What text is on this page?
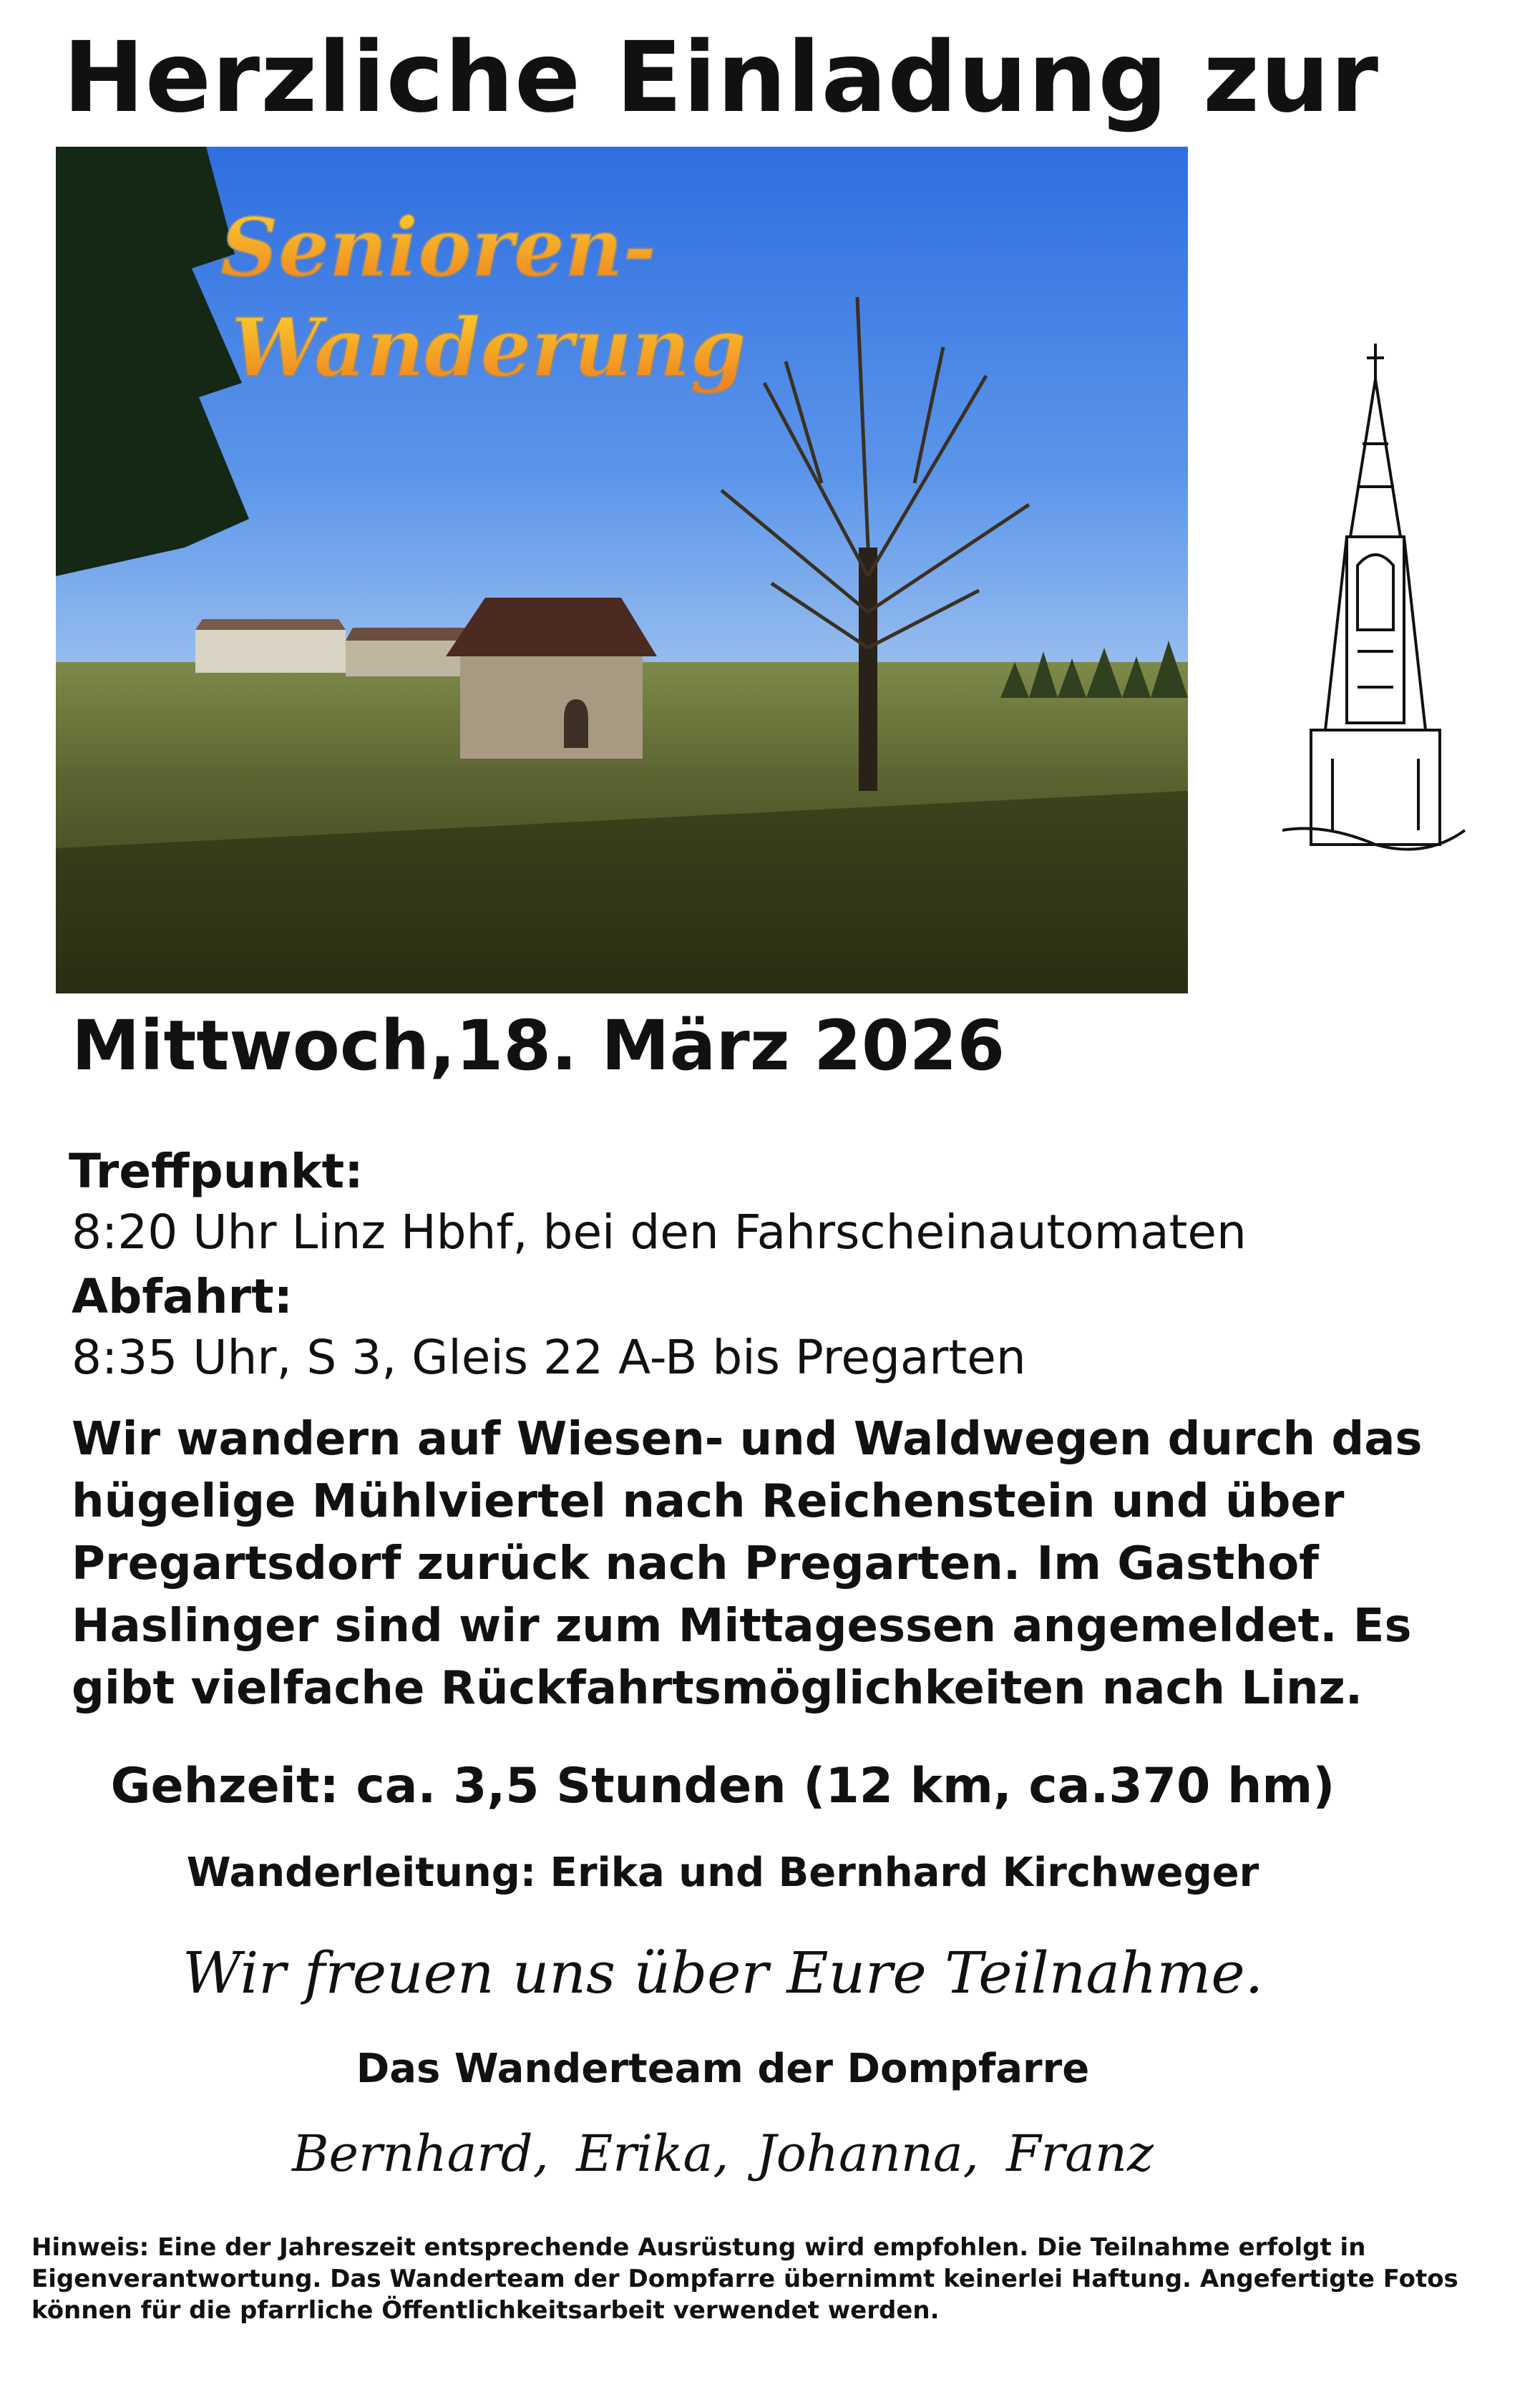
Herzliche Einladung zur
Senioren-
Wanderung

Mittwoch,18. März 2026

Treffpunkt:

8:20 Uhr Linz Hbhf, bei den Fahrscheinautomaten

Abfahrt:

8:35 Uhr, S 3, Gleis 22 A-B bis Pregarten

Wir wandern auf Wiesen- und Waldwegen durch das
hügelige Mühlviertel nach Reichenstein und über
Pregartsdorf zurück nach Pregarten. Im Gasthof
Haslinger sind wir zum Mittagessen angemeldet. Es
gibt vielfache Rückfahrtsmöglichkeiten nach Linz.

Gehzeit: ca. 3,5 Stunden (12 km, ca.370 hm)

Wanderleitung: Erika und Bernhard Kirchweger

Wir freuen uns über Eure Teilnahme.

Das Wanderteam der Dompfarre

Bernhard, Erika, Johanna, Franz

Hinweis: Eine der Jahreszeit entsprechende Ausrüstung wird empfohlen. Die Teilnahme erfolgt in
Eigenverantwortung. Das Wanderteam der Dompfarre übernimmt keinerlei Haftung. Angefertigte Fotos
können für die pfarrliche Öffentlichkeitsarbeit verwendet werden.
